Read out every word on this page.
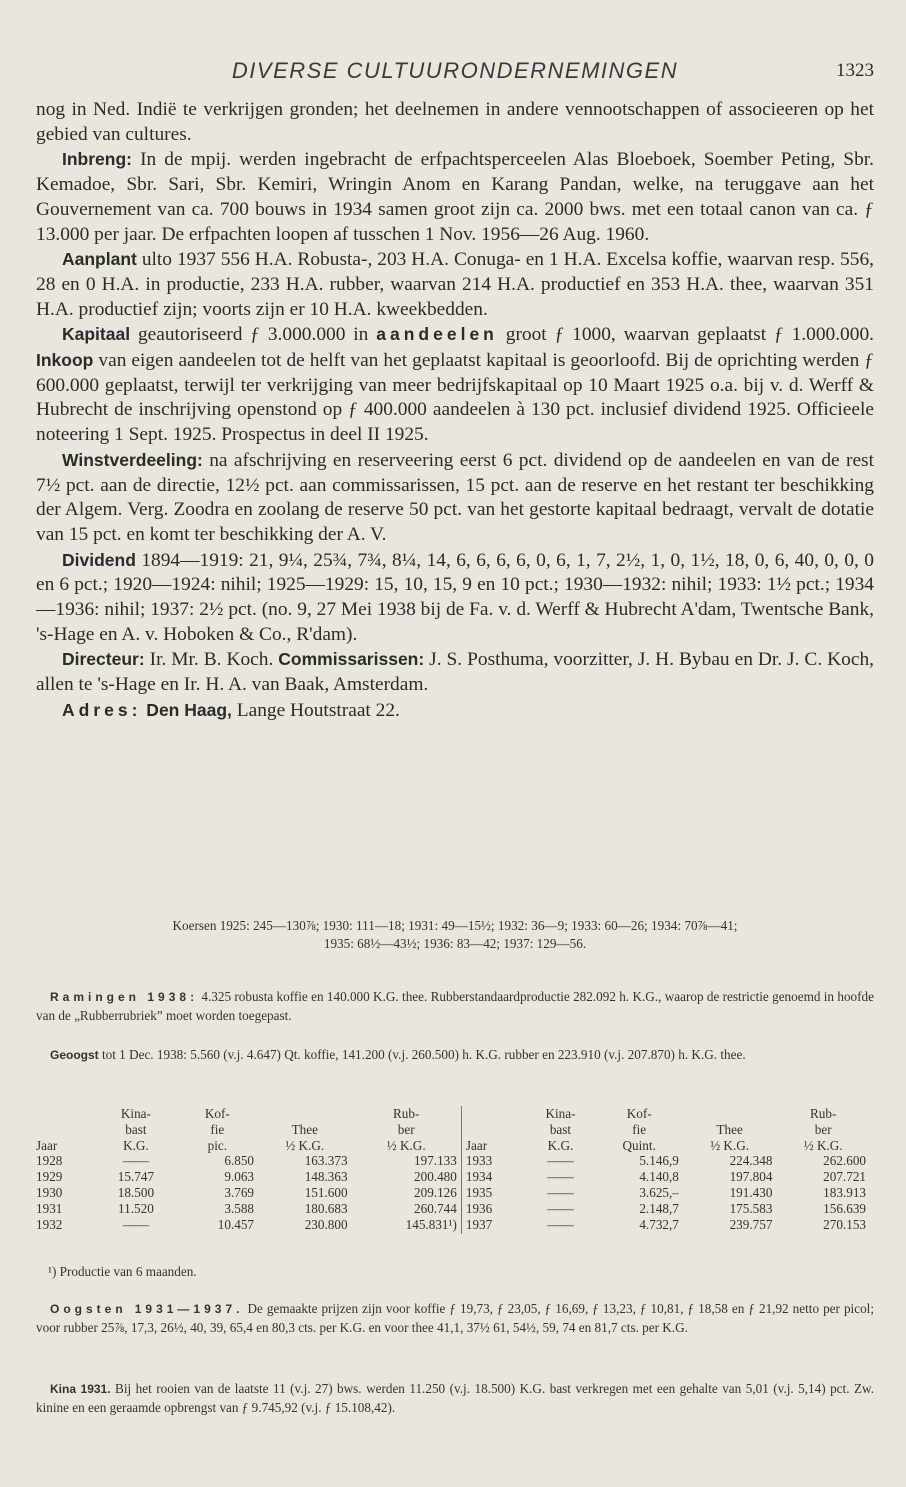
DIVERSE CULTUURONDERNEMINGEN	1323

nog in Ned. Indië te verkrijgen gronden; het deelnemen in andere vennootschappen of associeeren op het gebied van cultures.

Inbreng: In de mpij. werden ingebracht de erfpachtsperceelen Alas Bloeboek, Soember Peting, Sbr. Kemadoe, Sbr. Sari, Sbr. Kemiri, Wringin Anom en Karang Pandan, welke, na teruggave aan het Gouvernement van ca. 700 bouws in 1934 samen groot zijn ca. 2000 bws. met een totaal canon van ca. ƒ 13.000 per jaar. De erfpachten loopen af tusschen 1 Nov. 1956—26 Aug. 1960.

Aanplant ulto 1937 556 H.A. Robusta-, 203 H.A. Conuga- en 1 H.A. Excelsa koffie, waarvan resp. 556, 28 en 0 H.A. in productie, 233 H.A. rubber, waarvan 214 H.A. productief en 353 H.A. thee, waarvan 351 H.A. productief zijn; voorts zijn er 10 H.A. kweekbedden.

Kapitaal geautoriseerd ƒ 3.000.000 in aandeelen groot ƒ 1000, waarvan geplaatst ƒ 1.000.000. Inkoop van eigen aandeelen tot de helft van het geplaatst kapitaal is geoorloofd. Bij de oprichting werden ƒ 600.000 geplaatst, terwijl ter verkrijging van meer bedrijfskapitaal op 10 Maart 1925 o.a. bij v. d. Werff & Hubrecht de inschrijving openstond op ƒ 400.000 aandeelen à 130 pct. inclusief dividend 1925. Officieele noteering 1 Sept. 1925. Prospectus in deel II 1925.

Winstverdeeling: na afschrijving en reserveering eerst 6 pct. dividend op de aandeelen en van de rest 7½ pct. aan de directie, 12½ pct. aan commissarissen, 15 pct. aan de reserve en het restant ter beschikking der Algem. Verg. Zoodra en zoolang de reserve 50 pct. van het gestorte kapitaal bedraagt, vervalt de dotatie van 15 pct. en komt ter beschikking der A. V.

Dividend 1894—1919: 21, 9¼, 25¾, 7¾, 8¼, 14, 6, 6, 6, 6, 0, 6, 1, 7, 2½, 1, 0, 1½, 18, 0, 6, 40, 0, 0, 0 en 6 pct.; 1920—1924: nihil; 1925—1929: 15, 10, 15, 9 en 10 pct.; 1930—1932: nihil; 1933: 1½ pct.; 1934—1936: nihil; 1937: 2½ pct. (no. 9, 27 Mei 1938 bij de Fa. v. d. Werff & Hubrecht A'dam, Twentsche Bank, 's-Hage en A. v. Hoboken & Co., R'dam).

Directeur: Ir. Mr. B. Koch. Commissarissen: J. S. Posthuma, voorzitter, J. H. Bybau en Dr. J. C. Koch, allen te 's-Hage en Ir. H. A. van Baak, Amsterdam.

Adres: Den Haag, Lange Houtstraat 22.

Koersen 1925: 245—130⅞; 1930: 111—18; 1931: 49—15½; 1932: 36—9; 1933: 60—26; 1934: 70⅞—41;

1935: 68½—43½; 1936: 83—42; 1937: 129—56.

Ramingen 1938: 4.325 robusta koffie en 140.000 K.G. thee. Rubberstandaardproductie 282.092 h. K.G., waarop de restrictie genoemd in hoofde van de „Rubberrubriek” moet worden toegepast.

Geoogst tot 1 Dec. 1938: 5.560 (v.j. 4.647) Qt. koffie, 141.200 (v.j. 260.500) h. K.G. rubber en 223.910 (v.j. 207.870) h. K.G. thee.

	Kina-	Kof-		Rub-		Kina-	Kof-		Rub-
	bast	fie	Thee	ber		bast	fie	Thee	ber
Jaar	K.G.	pic.	½ K.G.	½ K.G.	Jaar	K.G.	Quint.	½ K.G.	½ K.G.
1928	——	6.850	163.373	197.133	1933	——	5.146,9	224.348	262.600
1929	15.747	9.063	148.363	200.480	1934	——	4.140,8	197.804	207.721
1930	18.500	3.769	151.600	209.126	1935	——	3.625,–	191.430	183.913
1931	11.520	3.588	180.683	260.744	1936	——	2.148,7	175.583	156.639
1932	——	10.457	230.800	145.831¹)	1937	——	4.732,7	239.757	270.153
¹) Productie van 6 maanden.

Oogsten 1931—1937. De gemaakte prijzen zijn voor koffie ƒ 19,73, ƒ 23,05, ƒ 16,69, ƒ 13,23, ƒ 10,81, ƒ 18,58 en ƒ 21,92 netto per picol; voor rubber 25⅞, 17,3, 26½, 40, 39, 65,4 en 80,3 cts. per K.G. en voor thee 41,1, 37½ 61, 54½, 59, 74 en 81,7 cts. per K.G.

Kina 1931. Bij het rooien van de laatste 11 (v.j. 27) bws. werden 11.250 (v.j. 18.500) K.G. bast verkregen met een gehalte van 5,01 (v.j. 5,14) pct. Zw. kinine en een geraamde opbrengst van ƒ 9.745,92 (v.j. ƒ 15.108,42).
